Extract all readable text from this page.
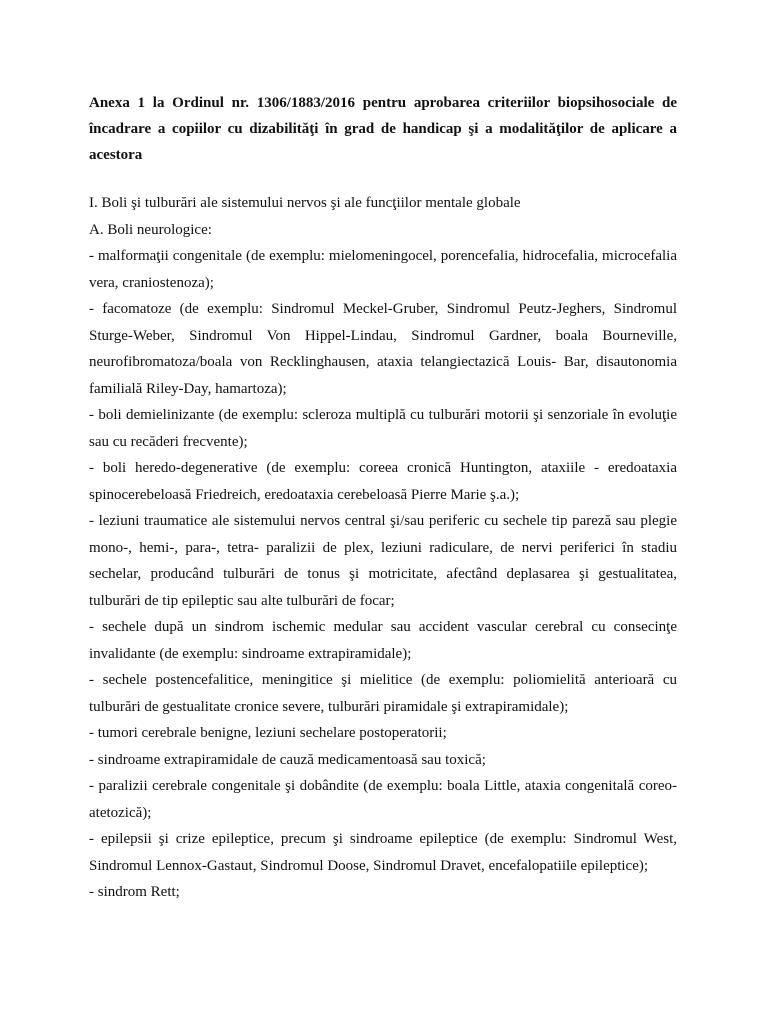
Anexa 1 la Ordinul nr. 1306/1883/2016 pentru aprobarea criteriilor biopsihosociale de încadrare a copiilor cu dizabilităţi în grad de handicap şi a modalităţilor de aplicare a acestora

I. Boli şi tulburări ale sistemului nervos şi ale funcţiilor mentale globale

A. Boli neurologice:

- malformaţii congenitale (de exemplu: mielomeningocel, porencefalia, hidrocefalia, microcefalia vera, craniostenoza);

- facomatoze (de exemplu: Sindromul Meckel-Gruber, Sindromul Peutz-Jeghers, Sindromul Sturge-Weber, Sindromul Von Hippel-Lindau, Sindromul Gardner, boala Bourneville, neurofibromatoza/boala von Recklinghausen, ataxia telangiectazică Louis- Bar, disautonomia familială Riley-Day, hamartoza);

- boli demielinizante (de exemplu: scleroza multiplă cu tulburări motorii şi senzoriale în evoluţie sau cu recăderi frecvente);

- boli heredo-degenerative (de exemplu: coreea cronică Huntington, ataxiile - eredoataxia spinocerebeloasă Friedreich, eredoataxia cerebeloasă Pierre Marie ş.a.);

- leziuni traumatice ale sistemului nervos central şi/sau periferic cu sechele tip pareză sau plegie mono-, hemi-, para-, tetra- paralizii de plex, leziuni radiculare, de nervi periferici în stadiu sechelar, producând tulburări de tonus şi motricitate, afectând deplasarea şi gestualitatea, tulburări de tip epileptic sau alte tulburări de focar;

- sechele după un sindrom ischemic medular sau accident vascular cerebral cu consecinţe invalidante (de exemplu: sindroame extrapiramidale);

- sechele postencefalitice, meningitice şi mielitice (de exemplu: poliomielită anterioară cu tulburări de gestualitate cronice severe, tulburări piramidale şi extrapiramidale);

- tumori cerebrale benigne, leziuni sechelare postoperatorii;

- sindroame extrapiramidale de cauză medicamentoasă sau toxică;

- paralizii cerebrale congenitale şi dobândite (de exemplu: boala Little, ataxia congenitală coreo-atetozică);

- epilepsii şi crize epileptice, precum şi sindroame epileptice (de exemplu: Sindromul West, Sindromul Lennox-Gastaut, Sindromul Doose, Sindromul Dravet, encefalopatiile epileptice);

- sindrom Rett;
